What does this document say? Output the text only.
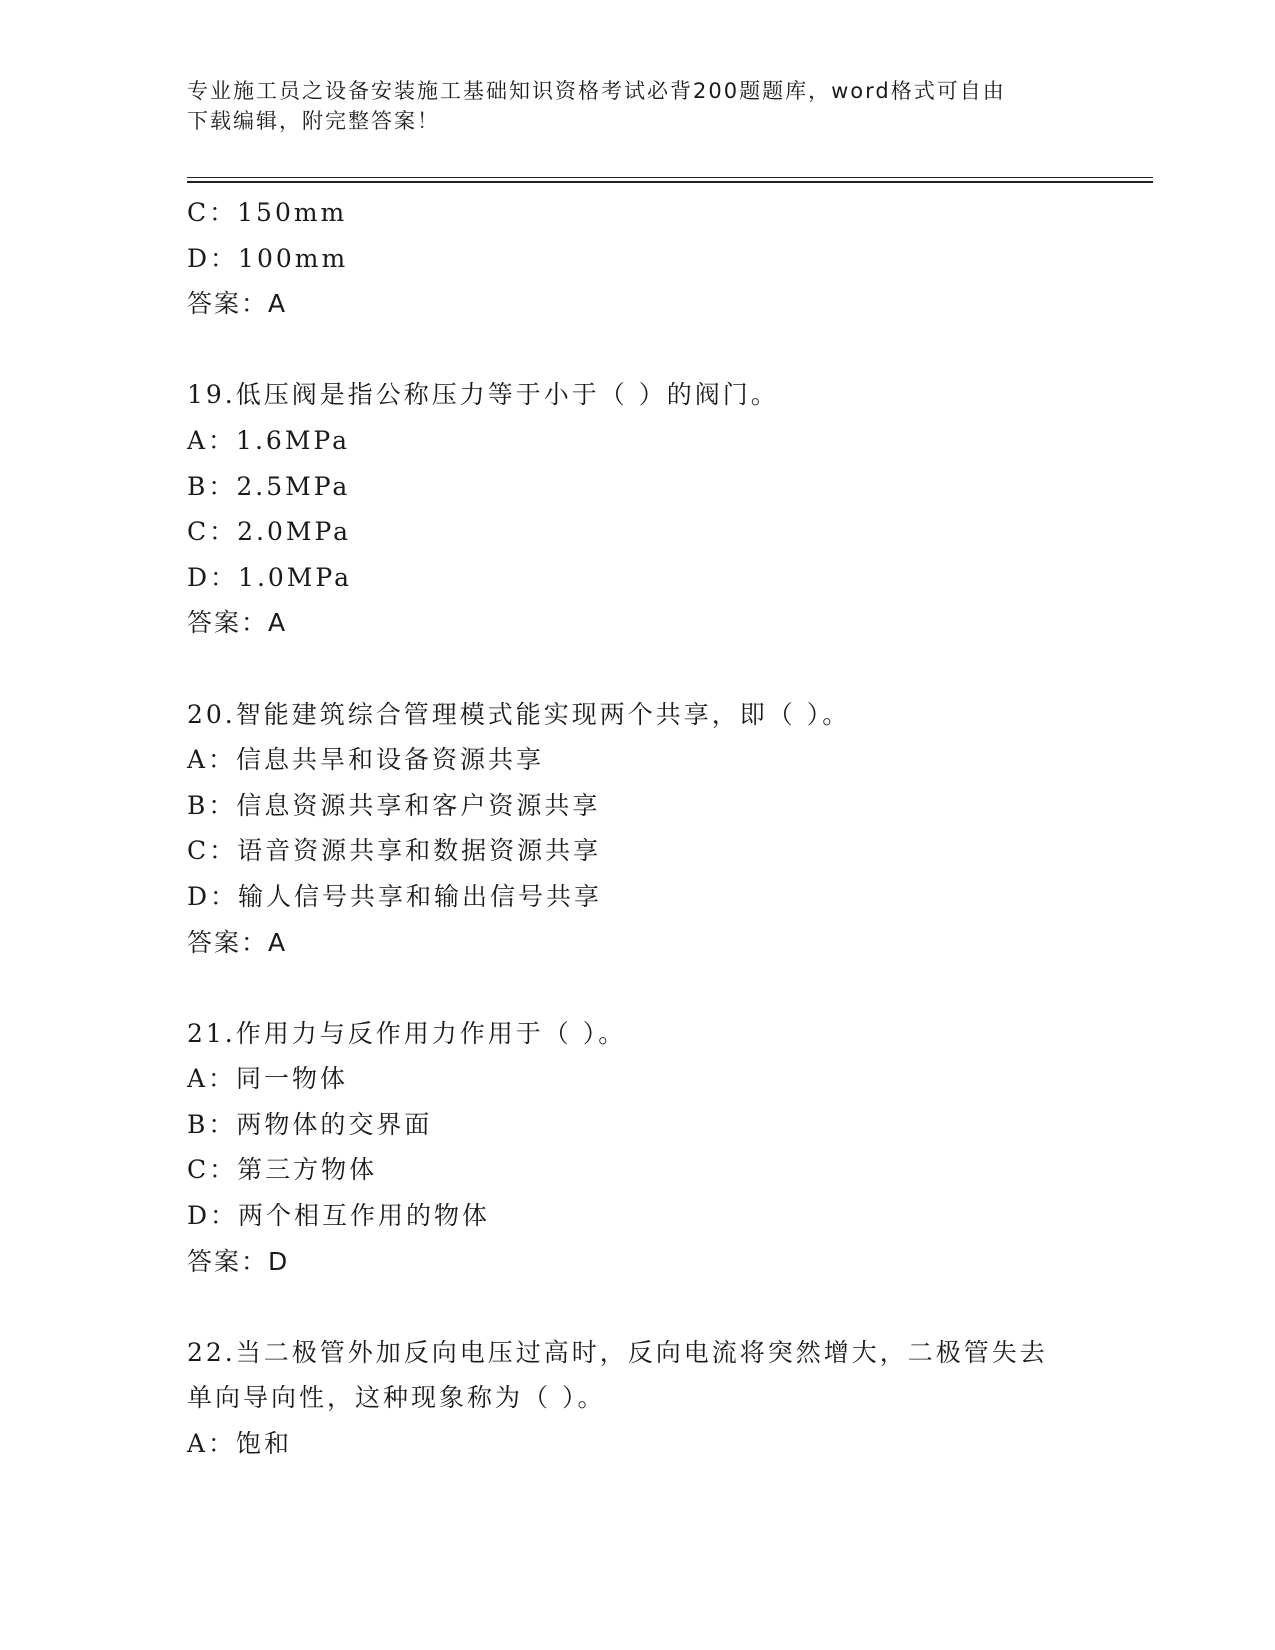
专业施工员之设备安装施工基础知识资格考试必背200题题库，word格式可自由
下载编辑，附完整答案！
C：150mm
D：100mm
答案：A
19.低压阀是指公称压力等于小于（ ）的阀门。
A：1.6MPa
B：2.5MPa
C：2.0MPa
D：1.0MPa
答案：A
20.智能建筑综合管理模式能实现两个共享，即（ ）。
A：信息共旱和设备资源共享
B：信息资源共享和客户资源共享
C：语音资源共享和数据资源共享
D：输人信号共享和输出信号共享
答案：A
21.作用力与反作用力作用于（ ）。
A：同一物体
B：两物体的交界面
C：第三方物体
D：两个相互作用的物体
答案：D
22.当二极管外加反向电压过高时，反向电流将突然增大，二极管失去
单向导向性，这种现象称为（ ）。
A：饱和
